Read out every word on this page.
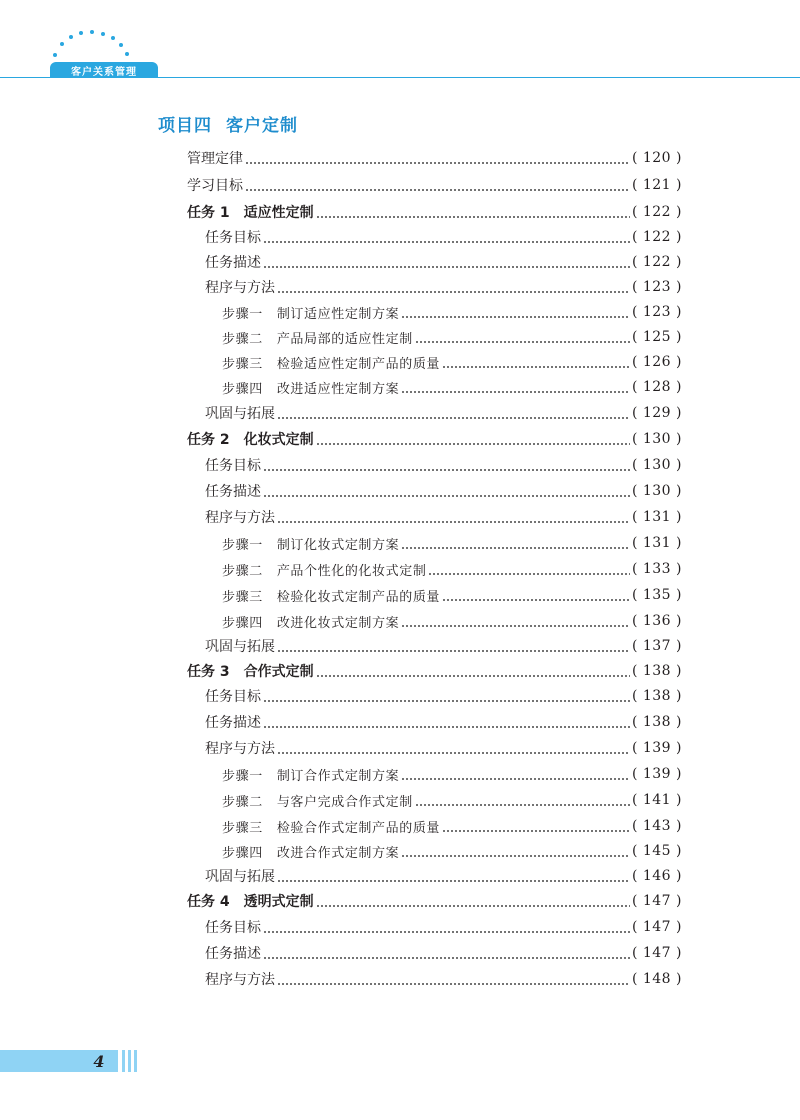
客户关系管理
项目四 客户定制
管理定律	( 120 )
学习目标	( 121 )
任务 1 适应性定制	( 122 )
任务目标	( 122 )
任务描述	( 122 )
程序与方法	( 123 )
步骤一 制订适应性定制方案	( 123 )
步骤二 产品局部的适应性定制	( 125 )
步骤三 检验适应性定制产品的质量	( 126 )
步骤四 改进适应性定制方案	( 128 )
巩固与拓展	( 129 )
任务 2 化妆式定制	( 130 )
任务目标	( 130 )
任务描述	( 130 )
程序与方法	( 131 )
步骤一 制订化妆式定制方案	( 131 )
步骤二 产品个性化的化妆式定制	( 133 )
步骤三 检验化妆式定制产品的质量	( 135 )
步骤四 改进化妆式定制方案	( 136 )
巩固与拓展	( 137 )
任务 3 合作式定制	( 138 )
任务目标	( 138 )
任务描述	( 138 )
程序与方法	( 139 )
步骤一 制订合作式定制方案	( 139 )
步骤二 与客户完成合作式定制	( 141 )
步骤三 检验合作式定制产品的质量	( 143 )
步骤四 改进合作式定制方案	( 145 )
巩固与拓展	( 146 )
任务 4 透明式定制	( 147 )
任务目标	( 147 )
任务描述	( 147 )
程序与方法	( 148 )
4
